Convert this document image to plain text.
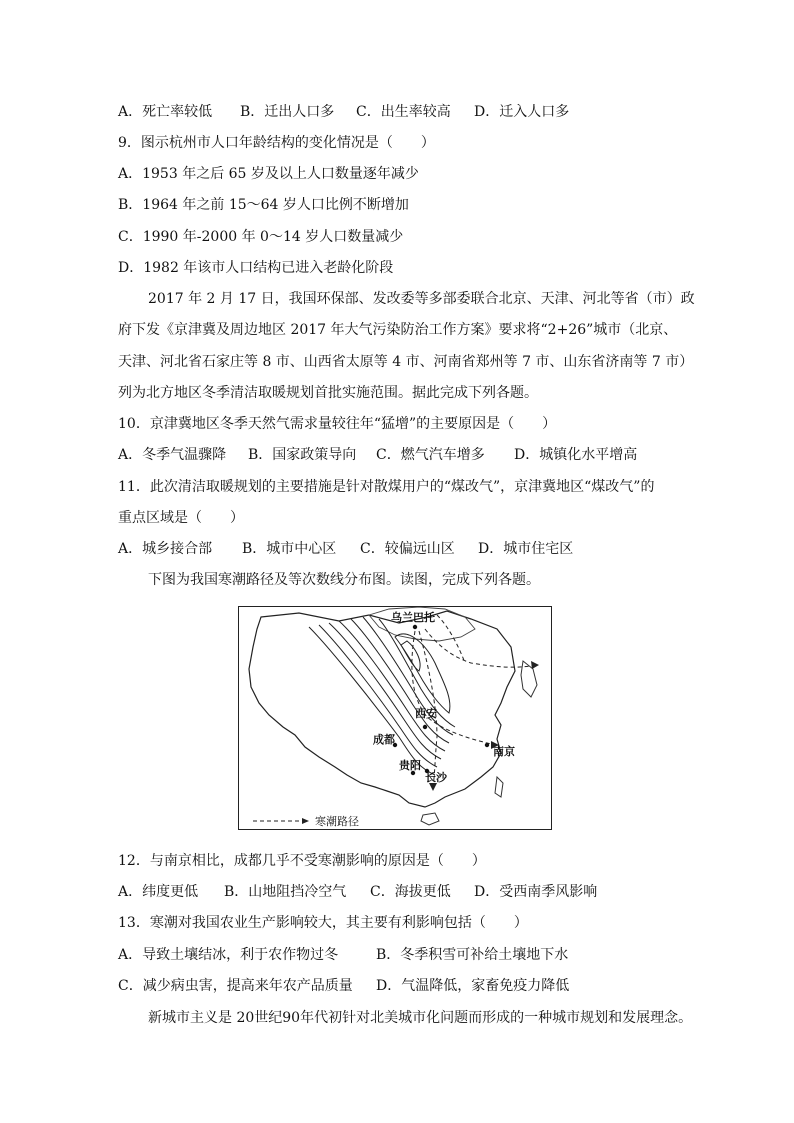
A．死亡率较低 B．迁出人口多 C．出生率较高 D．迁入人口多
9．图示杭州市人口年龄结构的变化情况是（　　）
A．1953 年之后 65 岁及以上人口数量逐年减少
B．1964 年之前 15～64 岁人口比例不断增加
C．1990 年-2000 年 0～14 岁人口数量减少
D．1982 年该市人口结构已进入老龄化阶段
2017 年 2 月 17 日，我国环保部、发改委等多部委联合北京、天津、河北等省（市）政
府下发《京津冀及周边地区 2017 年大气污染防治工作方案》要求将“2+26”城市（北京、
天津、河北省石家庄等 8 市、山西省太原等 4 市、河南省郑州等 7 市、山东省济南等 7 市）
列为北方地区冬季清洁取暖规划首批实施范围。据此完成下列各题。
10．京津冀地区冬季天然气需求量较往年“猛增”的主要原因是（　　）
A．冬季气温骤降 B．国家政策导向 C．燃气汽车增多 D．城镇化水平增高
11．此次清洁取暖规划的主要措施是针对散煤用户的“煤改气”，京津冀地区“煤改气”的
重点区域是（　　）
A．城乡接合部 B．城市中心区 C．较偏远山区 D．城市住宅区
下图为我国寒潮路径及等次数线分布图。读图，完成下列各题。
乌兰巴托
西安
成都
贵阳
长沙
南京
寒潮路径
12．与南京相比，成都几乎不受寒潮影响的原因是（　　）
A．纬度更低 B．山地阻挡冷空气 C．海拔更低 D．受西南季风影响
13．寒潮对我国农业生产影响较大，其主要有利影响包括（　　）
A．导致土壤结冰，利于农作物过冬	B．冬季积雪可补给土壤地下水
C．减少病虫害，提高来年农产品质量 D．气温降低，家畜免疫力降低
新城市主义是 20世纪90年代初针对北美城市化问题而形成的一种城市规划和发展理念。
